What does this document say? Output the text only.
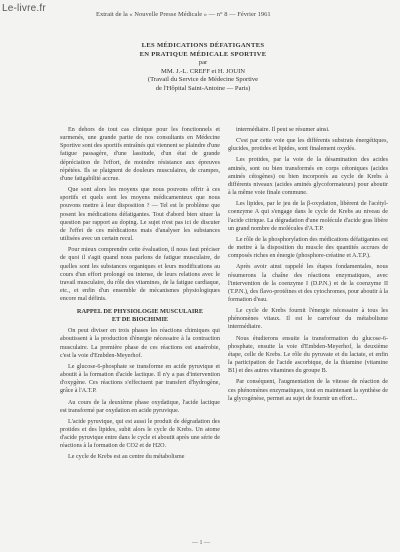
Le-livre.fr
Extrait de la « Nouvelle Presse Médicale » — n° 8 — Février 1961
LES MÉDICATIONS DÉFATIGANTES
EN PRATIQUE MÉDICALE SPORTIVE
par
MM. J.-L. CREFF et H. JOUIN
(Travail du Service de Médecine Sportive
de l'Hôpital Saint-Antoine — Paris)

En dehors de tout cas clinique pour les fonctionnels et surmenés, une grande partie de nos consultants en Médecine Sportive sont des sportifs entraînés qui viennent se plaindre d'une fatigue passagère, d'une lassitude, d'un état de grande dépréciation de l'effort, de moindre résistance aux épreuves répétées. Ils se plaignent de douleurs musculaires, de crampes, d'une fatigabilité accrue.

Que sont alors les moyens que nous pouvons offrir à ces sportifs et quels sont les moyens médicamenteux que nous pouvons mettre à leur disposition ? — Tel est le problème que posent les médications défatigantes. Tout d'abord bien situer la question par rapport au doping. Le sujet n'est pas ici de discuter de l'effet de ces médications mais d'analyser les substances utilisées avec un certain recul.

Pour mieux comprendre cette évaluation, il nous faut préciser de quoi il s'agit quand nous parlons de fatigue musculaire, de quelles sont les substances organiques et leurs modifications au cours d'un effort prolongé ou intense, de leurs relations avec le travail musculaire, du rôle des vitamines, de la fatigue cardiaque, etc., et enfin d'un ensemble de mécanismes physiologiques encore mal définis.

RAPPEL DE PHYSIOLOGIE MUSCULAIRE
ET DE BIOCHIMIE

On peut diviser en trois phases les réactions chimiques qui aboutissent à la production d'énergie nécessaire à la contraction musculaire. La première phase de ces réactions est anaérobie, c'est la voie d'Embden-Meyerhof.

Le glucose-6-phosphate se transforme en acide pyruvique et aboutit à la formation d'acide lactique. Il n'y a pas d'intervention d'oxygène. Ces réactions s'effectuent par transfert d'hydrogène, grâce à l'A.T.P.

Au cours de la deuxième phase oxydatique, l'acide lactique est transformé par oxydation en acide pyruvique.

L'acide pyruvique, qui est aussi le produit de dégradation des protides et des lipides, subit alors le cycle de Krebs. Un atome d'acide pyruvique entre dans le cycle et aboutit après une série de réactions à la formation de CO2 et de H2O.

Le cycle de Krebs est au centre du métabolisme

intermédiaire. Il peut se résumer ainsi.

C'est par cette voie que les différents substrats énergétiques, glucides, protides et lipides, sont finalement oxydés.

Les protides, par la voie de la désamination des acides aminés, sont ou bien transformés en corps cétoniques (acides aminés cétogènes) ou bien incorporés au cycle de Krebs à différents niveaux (acides aminés glycoformateurs) pour aboutir à la même voie finale commune.

Les lipides, par le jeu de la β-oxydation, libèrent de l'acétyl-coenzyme A qui s'engage dans le cycle de Krebs au niveau de l'acide citrique. La dégradation d'une molécule d'acide gras libère un grand nombre de molécules d'A.T.P.

Le rôle de la phosphorylation des médications défatigantes est de mettre à la disposition du muscle des quantités accrues de composés riches en énergie (phosphore-créatine et A.T.P.).

Après avoir ainsi rappelé les étapes fondamentales, nous résumerons la chaîne des réactions enzymatiques, avec l'intervention de la coenzyme I (D.P.N.) et de la coenzyme II (T.P.N.), des flavo-protéines et des cytochromes, pour aboutir à la formation d'eau.

Le cycle de Krebs fournit l'énergie nécessaire à tous les phénomènes vitaux. Il est le carrefour du métabolisme intermédiaire.

Nous étudierons ensuite la transformation du glucose-6-phosphate, ensuite la voie d'Embden-Meyerhof, la deuxième étape, celle de Krebs. Le rôle du pyruvate et du lactate, et enfin la participation de l'acide ascorbique, de la thiamine (vitamine B1) et des autres vitamines du groupe B.

Par conséquent, l'augmentation de la vitesse de réaction de ces phénomènes enzymatiques, tout en maintenant la synthèse de la glycogénèse, permet au sujet de fournir un effort...

— 1 —
